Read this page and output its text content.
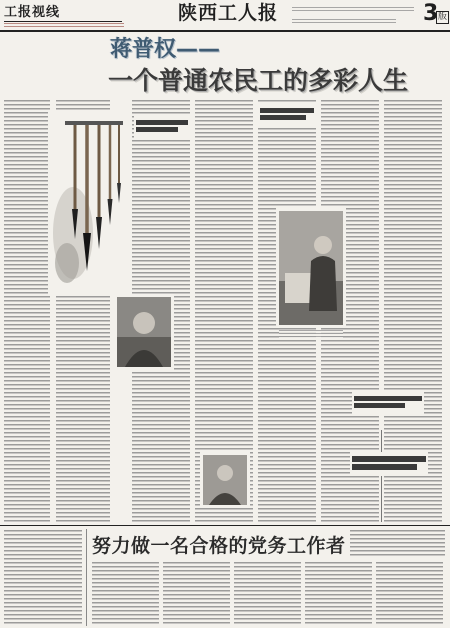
工报视线	陕西工人报	3 版
蒋普权——
一个普通农民工的多彩人生
努力做一名合格的党务工作者
